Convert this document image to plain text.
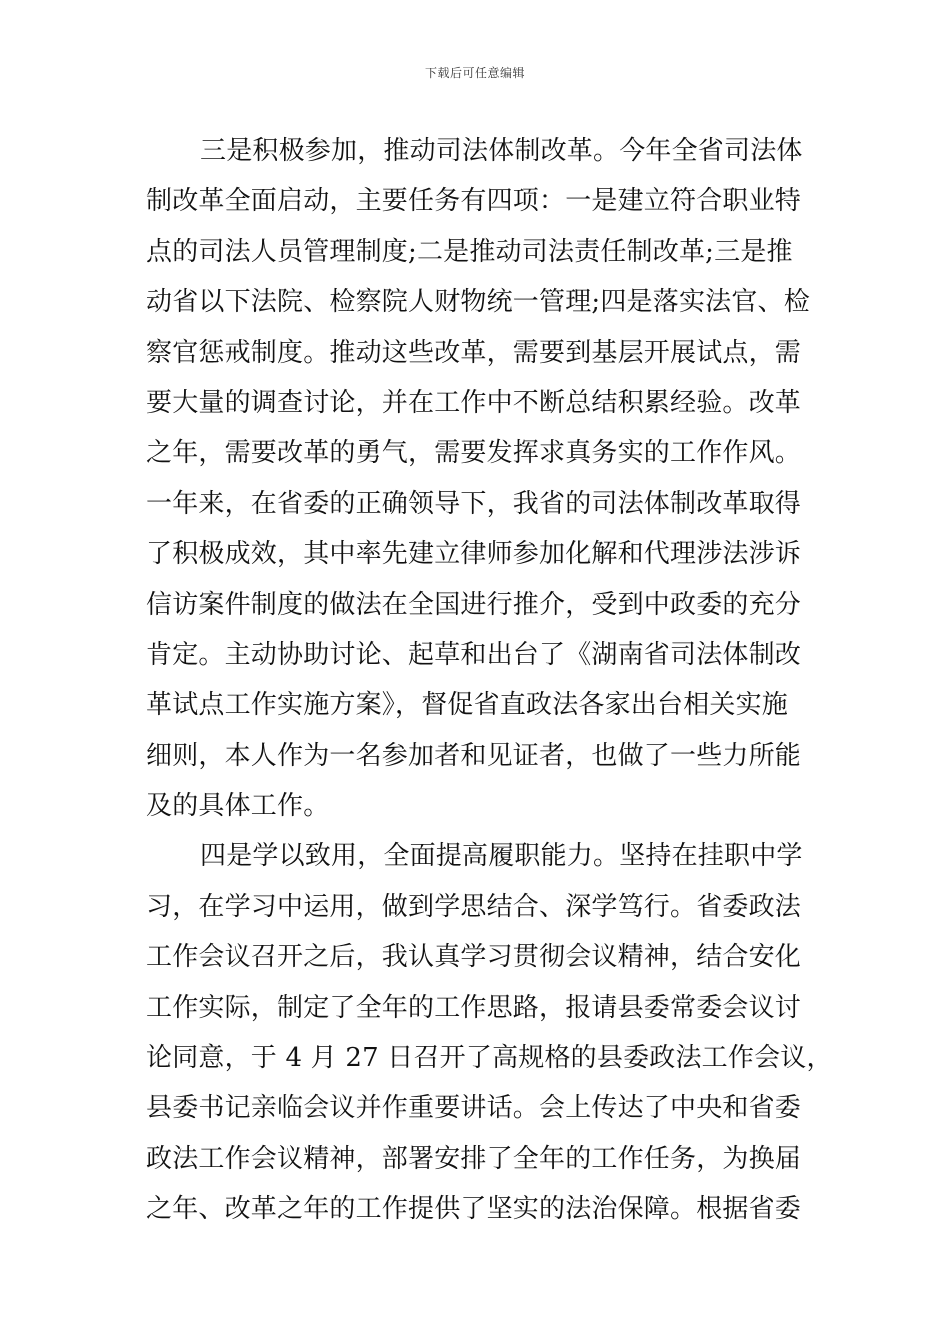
下载后可任意编辑
三是积极参加，推动司法体制改革。今年全省司法体
制改革全面启动，主要任务有四项：一是建立符合职业特
点的司法人员管理制度;二是推动司法责任制改革;三是推
动省以下法院、检察院人财物统一管理;四是落实法官、检
察官惩戒制度。推动这些改革，需要到基层开展试点，需
要大量的调查讨论，并在工作中不断总结积累经验。改革
之年，需要改革的勇气，需要发挥求真务实的工作作风。
一年来，在省委的正确领导下，我省的司法体制改革取得
了积极成效，其中率先建立律师参加化解和代理涉法涉诉
信访案件制度的做法在全国进行推介，受到中政委的充分
肯定。主动协助讨论、起草和出台了《湖南省司法体制改
革试点工作实施方案》，督促省直政法各家出台相关实施
细则，本人作为一名参加者和见证者，也做了一些力所能
及的具体工作。
四是学以致用，全面提高履职能力。坚持在挂职中学
习，在学习中运用，做到学思结合、深学笃行。省委政法
工作会议召开之后，我认真学习贯彻会议精神，结合安化
工作实际，制定了全年的工作思路，报请县委常委会议讨
论同意，于 4 月 27 日召开了高规格的县委政法工作会议，
县委书记亲临会议并作重要讲话。会上传达了中央和省委
政法工作会议精神，部署安排了全年的工作任务，为换届
之年、改革之年的工作提供了坚实的法治保障。根据省委
